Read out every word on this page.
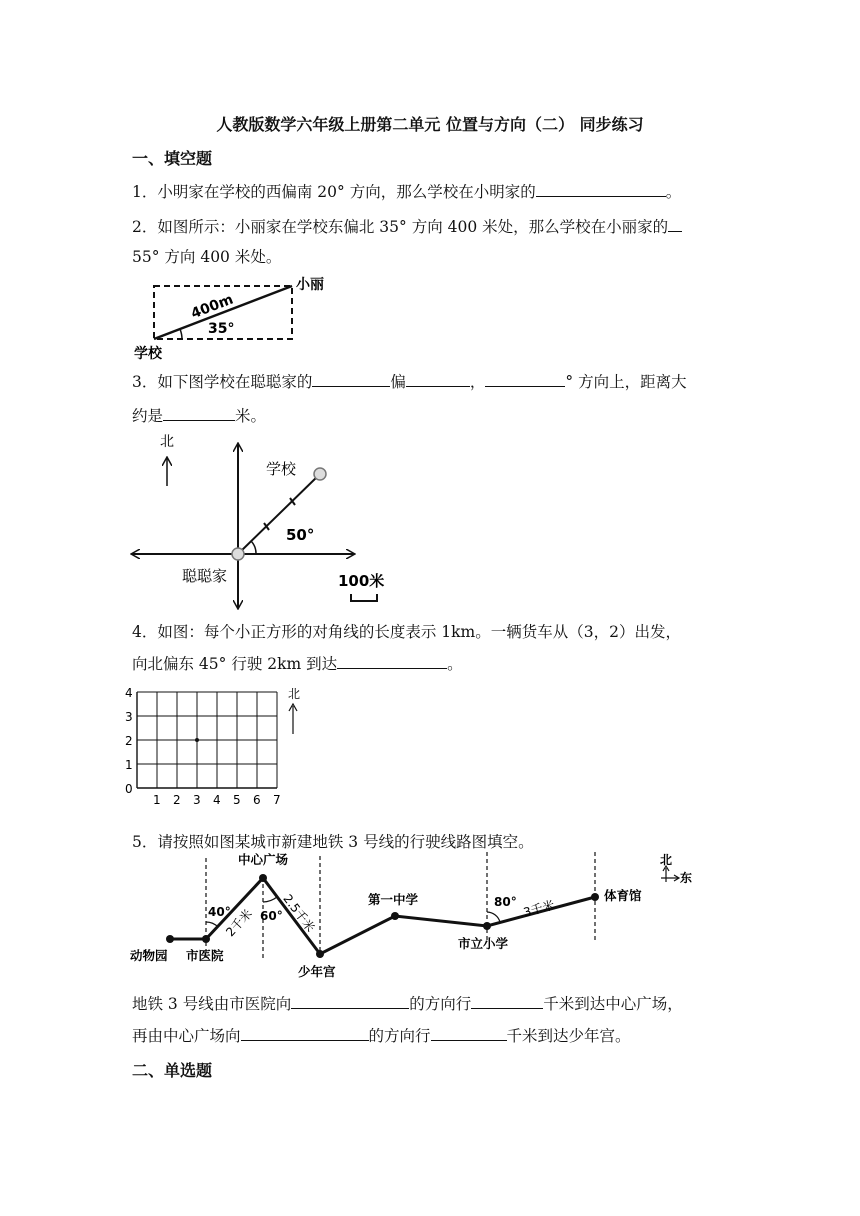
人教版数学六年级上册第二单元 位置与方向（二） 同步练习
一、填空题
1．小明家在学校的西偏南 20° 方向，那么学校在小明家的	。
2．如图所示：小丽家在学校东偏北 35° 方向 400 米处，那么学校在小丽家的
55° 方向 400 米处。
小丽
学校
400m
35°
3．如下图学校在聪聪家的	偏	，	° 方向上，距离大
约是	米。
北
学校
50°
聪聪家	100米
4．如图：每个小正方形的对角线的长度表示 1km。一辆货车从（3，2）出发，
向北偏东 45° 行驶 2km 到达	。
4
3
2
1
0
1 2 3 4 5 6 7
北
5．请按照如图某城市新建地铁 3 号线的行驶线路图填空。
动物园 市医院
中心广场
少年宫
第一中学
市立小学
体育馆
40° 60°
80°
2千米 2.5千米	3千米
北
东
地铁 3 号线由市医院向	的方向行	千米到达中心广场，
再由中心广场向	的方向行	千米到达少年宫。
二、单选题
